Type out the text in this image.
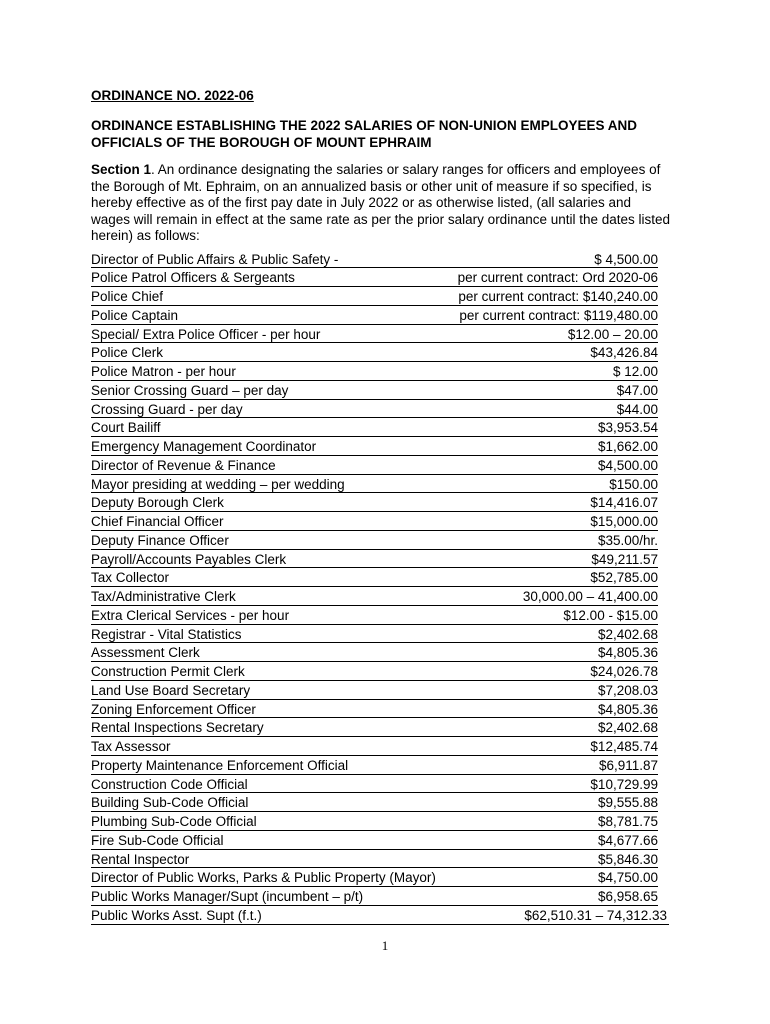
ORDINANCE NO. 2022-06
ORDINANCE ESTABLISHING THE 2022 SALARIES OF NON-UNION EMPLOYEES AND OFFICIALS OF THE BOROUGH OF MOUNT EPHRAIM
Section 1. An ordinance designating the salaries or salary ranges for officers and employees of the Borough of Mt. Ephraim, on an annualized basis or other unit of measure if so specified, is hereby effective as of the first pay date in July 2022 or as otherwise listed, (all salaries and wages will remain in effect at the same rate as per the prior salary ordinance until the dates listed herein) as follows:
Director of Public Affairs & Public Safety -	$ 4,500.00
Police Patrol Officers & Sergeants	per current contract: Ord 2020-06
Police Chief	per current contract: $140,240.00
Police Captain	per current contract: $119,480.00
Special/ Extra Police Officer - per hour	$12.00 – 20.00
Police Clerk	$43,426.84
Police Matron - per hour	$ 12.00
Senior Crossing Guard – per day	$47.00
Crossing Guard - per day	$44.00
Court Bailiff	$3,953.54
Emergency Management Coordinator	$1,662.00
Director of Revenue & Finance	$4,500.00
Mayor presiding at wedding – per wedding	$150.00
Deputy Borough Clerk	$14,416.07
Chief Financial Officer	$15,000.00
Deputy Finance Officer	$35.00/hr.
Payroll/Accounts Payables Clerk	$49,211.57
Tax Collector	$52,785.00
Tax/Administrative Clerk	30,000.00 – 41,400.00
Extra Clerical Services - per hour	$12.00 - $15.00
Registrar - Vital Statistics	$2,402.68
Assessment Clerk	$4,805.36
Construction Permit Clerk	$24,026.78
Land Use Board Secretary	$7,208.03
Zoning Enforcement Officer	$4,805.36
Rental Inspections Secretary	$2,402.68
Tax Assessor	$12,485.74
Property Maintenance Enforcement Official	$6,911.87
Construction Code Official	$10,729.99
Building Sub-Code Official	$9,555.88
Plumbing Sub-Code Official	$8,781.75
Fire Sub-Code Official	$4,677.66
Rental Inspector	$5,846.30
Director of Public Works, Parks & Public Property (Mayor)	$4,750.00
Public Works Manager/Supt (incumbent – p/t)	$6,958.65
Public Works Asst. Supt (f.t.)	$62,510.31 – 74,312.33
1
